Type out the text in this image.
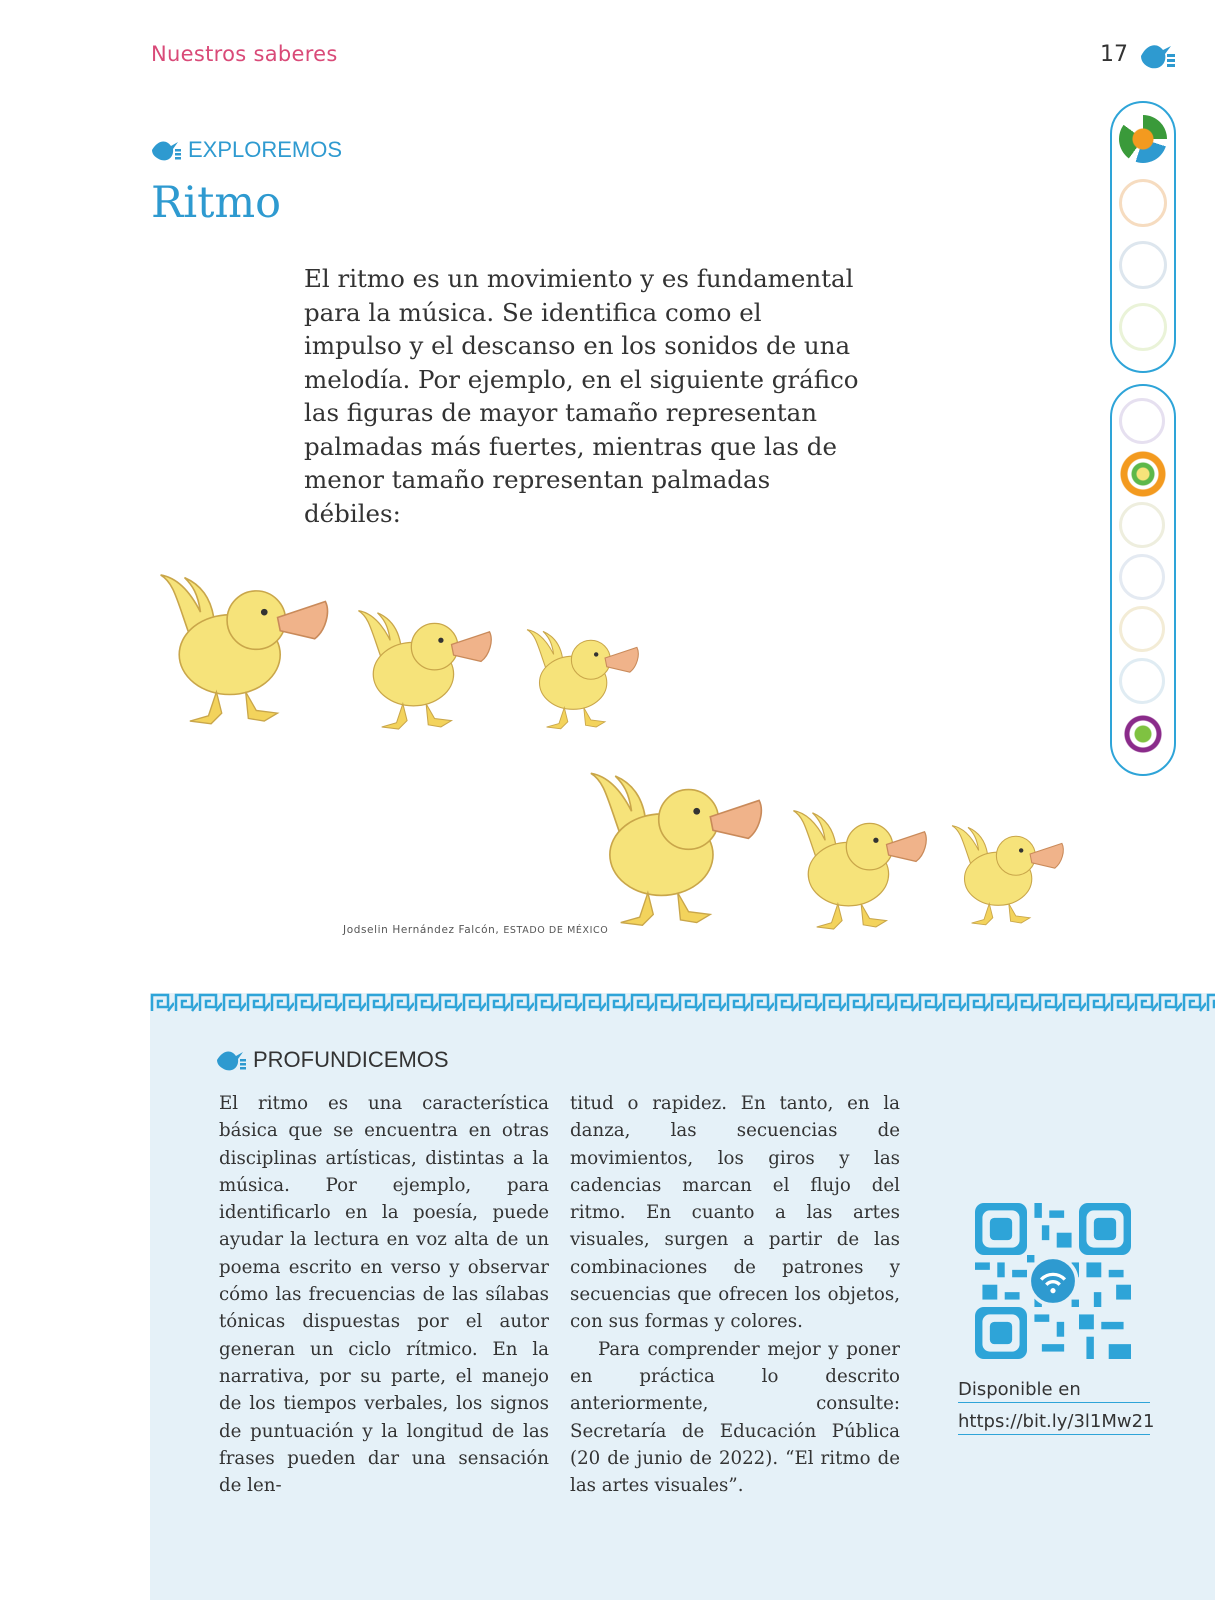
Nuestros saberes	17
EXPLOREMOS
Ritmo
El ritmo es un movimiento y es fundamental para la música. Se identifica como el impulso y el descanso en los sonidos de una melodía. Por ejemplo, en el siguiente gráfico las figuras de mayor tamaño representan palmadas más fuertes, mientras que las de menor tamaño representan palmadas débiles:
Jodselin Hernández Falcón, ESTADO DE MÉXICO
PROFUNDICEMOS

El ritmo es una característica básica que se encuentra en otras disciplinas artísticas, distintas a la música. Por ejemplo, para identificarlo en la poesía, puede ayudar la lectura en voz alta de un poema escrito en verso y observar cómo las frecuencias de las sílabas tónicas dispuestas por el autor generan un ciclo rítmico. En la narrativa, por su parte, el manejo de los tiempos verbales, los signos de puntuación y la longitud de las frases pueden dar una sensación de len-

titud o rapidez. En tanto, en la danza, las secuencias de movimientos, los giros y las cadencias marcan el flujo del ritmo. En cuanto a las artes visuales, surgen a partir de las combinaciones de patrones y secuencias que ofrecen los objetos, con sus formas y colores.

Para comprender mejor y poner en práctica lo descrito anteriormente, consulte: Secretaría de Educación Pública (20 de junio de 2022). “El ritmo de las artes visuales”.

Disponible en
https://bit.ly/3l1Mw21
